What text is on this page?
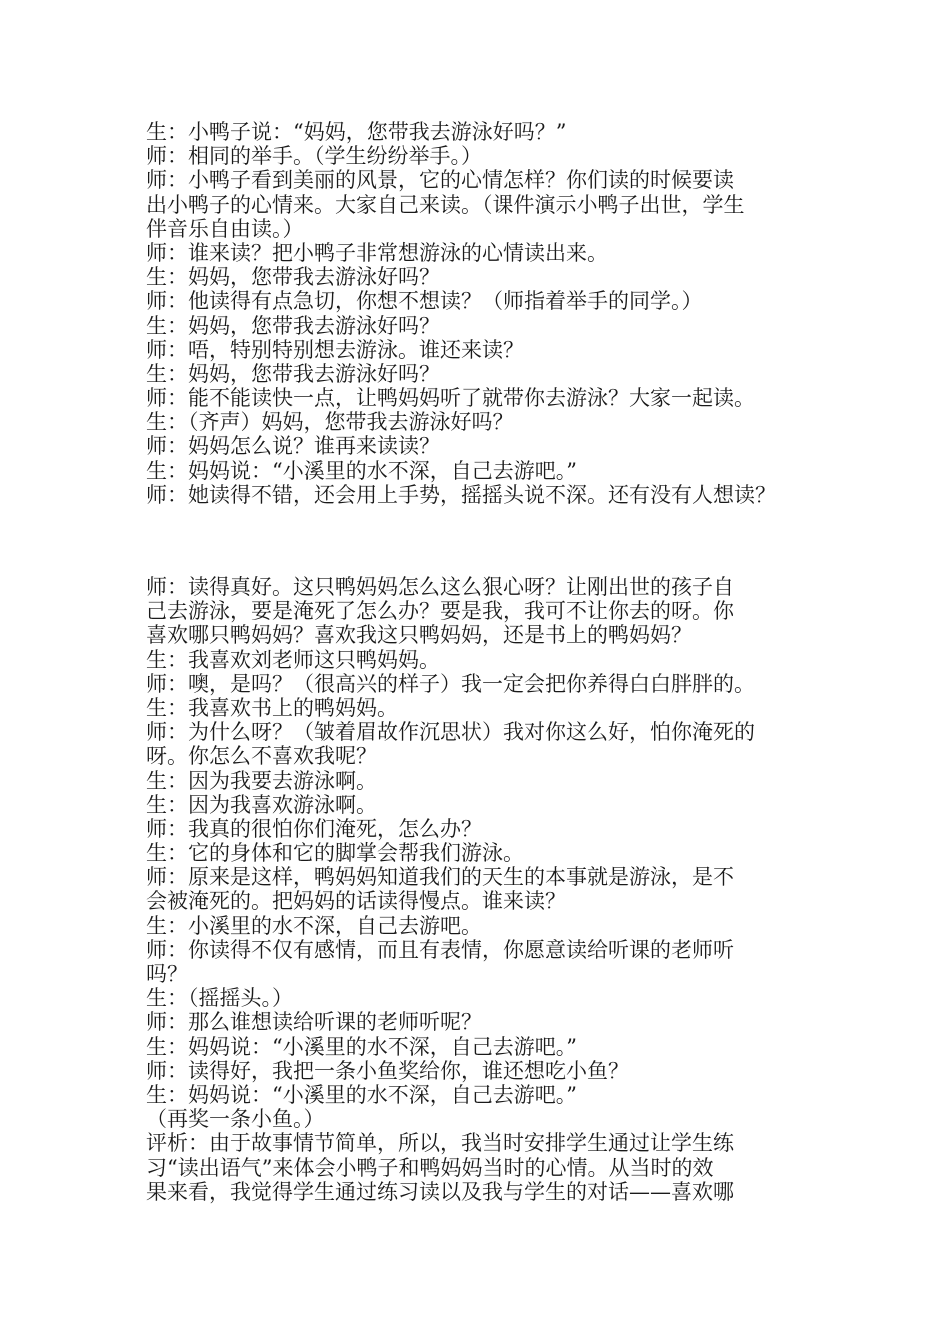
生：小鸭子说：“妈妈，您带我去游泳好吗？”
师：相同的举手。（学生纷纷举手。）
师：小鸭子看到美丽的风景，它的心情怎样？你们读的时候要读
出小鸭子的心情来。大家自己来读。（课件演示小鸭子出世，学生
伴音乐自由读。）
师：谁来读？把小鸭子非常想游泳的心情读出来。
生：妈妈，您带我去游泳好吗？
师：他读得有点急切，你想不想读？（师指着举手的同学。）
生：妈妈，您带我去游泳好吗？
师：唔，特别特别想去游泳。谁还来读？
生：妈妈，您带我去游泳好吗？
师：能不能读快一点，让鸭妈妈听了就带你去游泳？大家一起读。
生：（齐声）妈妈，您带我去游泳好吗？
师：妈妈怎么说？谁再来读读？
生：妈妈说：“小溪里的水不深，自己去游吧。”
师：她读得不错，还会用上手势，摇摇头说不深。还有没有人想读？
师：读得真好。这只鸭妈妈怎么这么狠心呀？让刚出世的孩子自
己去游泳，要是淹死了怎么办？要是我，我可不让你去的呀。你
喜欢哪只鸭妈妈？喜欢我这只鸭妈妈，还是书上的鸭妈妈？
生：我喜欢刘老师这只鸭妈妈。
师：噢，是吗？（很高兴的样子）我一定会把你养得白白胖胖的。
生：我喜欢书上的鸭妈妈。
师：为什么呀？（皱着眉故作沉思状）我对你这么好，怕你淹死的
呀。你怎么不喜欢我呢？
生：因为我要去游泳啊。
生：因为我喜欢游泳啊。
师：我真的很怕你们淹死，怎么办？
生：它的身体和它的脚掌会帮我们游泳。
师：原来是这样，鸭妈妈知道我们的天生的本事就是游泳，是不
会被淹死的。把妈妈的话读得慢点。谁来读？
生：小溪里的水不深，自己去游吧。
师：你读得不仅有感情，而且有表情，你愿意读给听课的老师听
吗？
生：（摇摇头。）
师：那么谁想读给听课的老师听呢？
生：妈妈说：“小溪里的水不深，自己去游吧。”
师：读得好，我把一条小鱼奖给你，谁还想吃小鱼？
生：妈妈说：“小溪里的水不深，自己去游吧。”
（再奖一条小鱼。）
评析：由于故事情节简单，所以，我当时安排学生通过让学生练
习“读出语气”来体会小鸭子和鸭妈妈当时的心情。从当时的效
果来看，我觉得学生通过练习读以及我与学生的对话——喜欢哪
